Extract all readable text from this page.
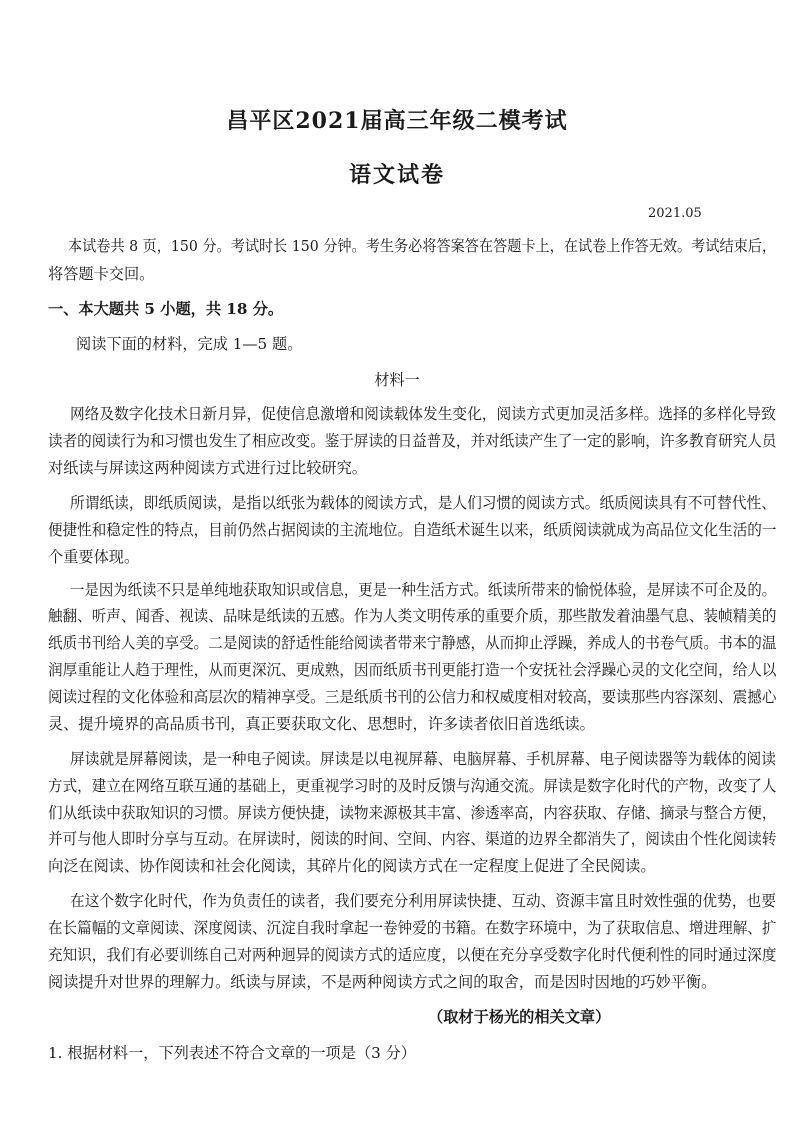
昌平区2021届高三年级二模考试
语文试卷
2021.05
本试卷共 8 页，150 分。考试时长 150 分钟。考生务必将答案答在答题卡上，在试卷上作答无效。考试结束后，
将答题卡交回。
一、本大题共 5 小题，共 18 分。
阅读下面的材料，完成 1—5 题。
材料一
网络及数字化技术日新月异，促使信息激增和阅读载体发生变化，阅读方式更加灵活多样。选择的多样化导致
读者的阅读行为和习惯也发生了相应改变。鉴于屏读的日益普及，并对纸读产生了一定的影响，许多教育研究人员
对纸读与屏读这两种阅读方式进行过比较研究。
所谓纸读，即纸质阅读，是指以纸张为载体的阅读方式，是人们习惯的阅读方式。纸质阅读具有不可替代性、
便捷性和稳定性的特点，目前仍然占据阅读的主流地位。自造纸术诞生以来，纸质阅读就成为高品位文化生活的一
个重要体现。
一是因为纸读不只是单纯地获取知识或信息，更是一种生活方式。纸读所带来的愉悦体验，是屏读不可企及的。
触翻、听声、闻香、视读、品味是纸读的五感。作为人类文明传承的重要介质，那些散发着油墨气息、装帧精美的
纸质书刊给人美的享受。二是阅读的舒适性能给阅读者带来宁静感，从而抑止浮躁，养成人的书卷气质。书本的温
润厚重能让人趋于理性，从而更深沉、更成熟，因而纸质书刊更能打造一个安抚社会浮躁心灵的文化空间，给人以
阅读过程的文化体验和高层次的精神享受。三是纸质书刊的公信力和权威度相对较高，要读那些内容深刻、震撼心
灵、提升境界的高品质书刊，真正要获取文化、思想时，许多读者依旧首选纸读。
屏读就是屏幕阅读，是一种电子阅读。屏读是以电视屏幕、电脑屏幕、手机屏幕、电子阅读器等为载体的阅读
方式，建立在网络互联互通的基础上，更重视学习时的及时反馈与沟通交流。屏读是数字化时代的产物，改变了人
们从纸读中获取知识的习惯。屏读方便快捷，读物来源极其丰富、渗透率高，内容获取、存储、摘录与整合方便，
并可与他人即时分享与互动。在屏读时，阅读的时间、空间、内容、渠道的边界全都消失了，阅读由个性化阅读转
向泛在阅读、协作阅读和社会化阅读，其碎片化的阅读方式在一定程度上促进了全民阅读。
在这个数字化时代，作为负责任的读者，我们要充分利用屏读快捷、互动、资源丰富且时效性强的优势，也要
在长篇幅的文章阅读、深度阅读、沉淀自我时拿起一卷钟爱的书籍。在数字环境中，为了获取信息、增进理解、扩
充知识，我们有必要训练自己对两种迥异的阅读方式的适应度，以便在充分享受数字化时代便利性的同时通过深度
阅读提升对世界的理解力。纸读与屏读，不是两种阅读方式之间的取舍，而是因时因地的巧妙平衡。
（取材于杨光的相关文章）
1. 根据材料一，下列表述不符合文章的一项是（3 分）
